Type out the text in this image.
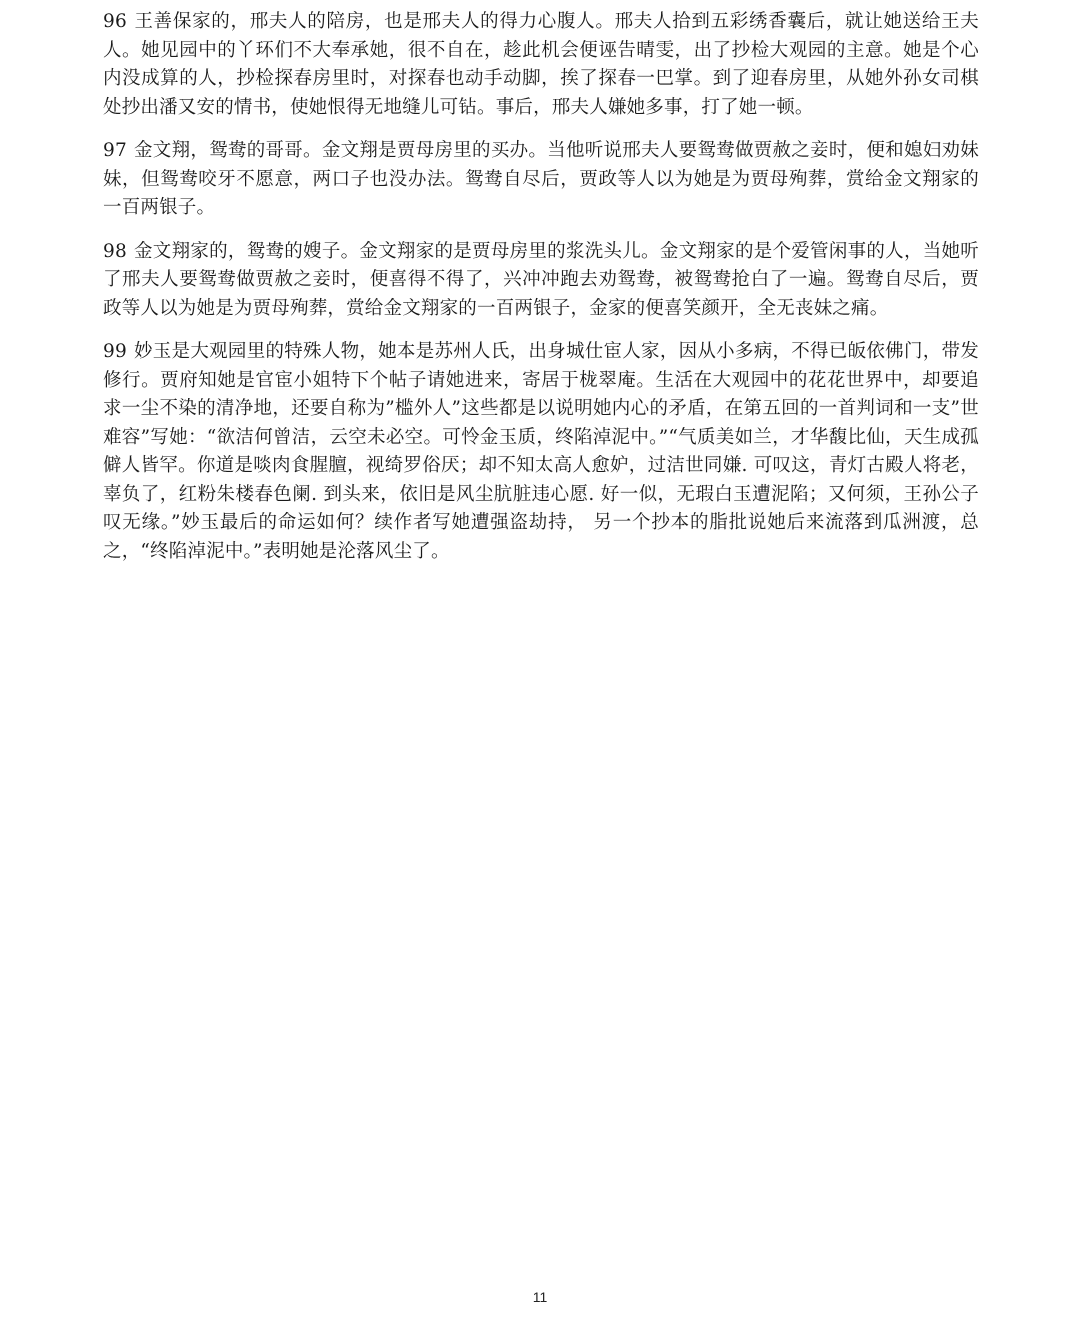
96 王善保家的，邢夫人的陪房，也是邢夫人的得力心腹人。邢夫人拾到五彩绣香囊后，就让她送给王夫人。她见园中的丫环们不大奉承她，很不自在，趁此机会便诬告晴雯，出了抄检大观园的主意。她是个心内没成算的人，抄检探春房里时，对探春也动手动脚，挨了探春一巴掌。到了迎春房里，从她外孙女司棋处抄出潘又安的情书，使她恨得无地缝儿可钻。事后，邢夫人嫌她多事，打了她一顿。

97 金文翔，鸳鸯的哥哥。金文翔是贾母房里的买办。当他听说邢夫人要鸳鸯做贾赦之妾时，便和媳妇劝妹妹，但鸳鸯咬牙不愿意，两口子也没办法。鸳鸯自尽后，贾政等人以为她是为贾母殉葬，赏给金文翔家的一百两银子。

98 金文翔家的，鸳鸯的嫂子。金文翔家的是贾母房里的浆洗头儿。金文翔家的是个爱管闲事的人，当她听了邢夫人要鸳鸯做贾赦之妾时，便喜得不得了，兴冲冲跑去劝鸳鸯，被鸳鸯抢白了一遍。鸳鸯自尽后，贾政等人以为她是为贾母殉葬，赏给金文翔家的一百两银子，金家的便喜笑颜开，全无丧妹之痛。

99 妙玉是大观园里的特殊人物，她本是苏州人氏，出身城仕宦人家，因从小多病，不得已皈依佛门，带发修行。贾府知她是官宦小姐特下个帖子请她进来，寄居于栊翠庵。生活在大观园中的花花世界中，却要追求一尘不染的清净地，还要自称为”槛外人”这些都是以说明她内心的矛盾，在第五回的一首判词和一支”世难容”写她：“欲洁何曾洁，云空未必空。可怜金玉质，终陷淖泥中。”“气质美如兰，才华馥比仙，天生成孤僻人皆罕。你道是啖肉食腥膻，视绮罗俗厌；却不知太高人愈妒，过洁世同嫌. 可叹这，青灯古殿人将老，辜负了，红粉朱楼春色阑. 到头来，依旧是风尘肮脏违心愿. 好一似，无瑕白玉遭泥陷；又何须，王孙公子叹无缘。”妙玉最后的命运如何？续作者写她遭强盗劫持， 另一个抄本的脂批说她后来流落到瓜洲渡，总之，“终陷淖泥中。”表明她是沦落风尘了。

11
